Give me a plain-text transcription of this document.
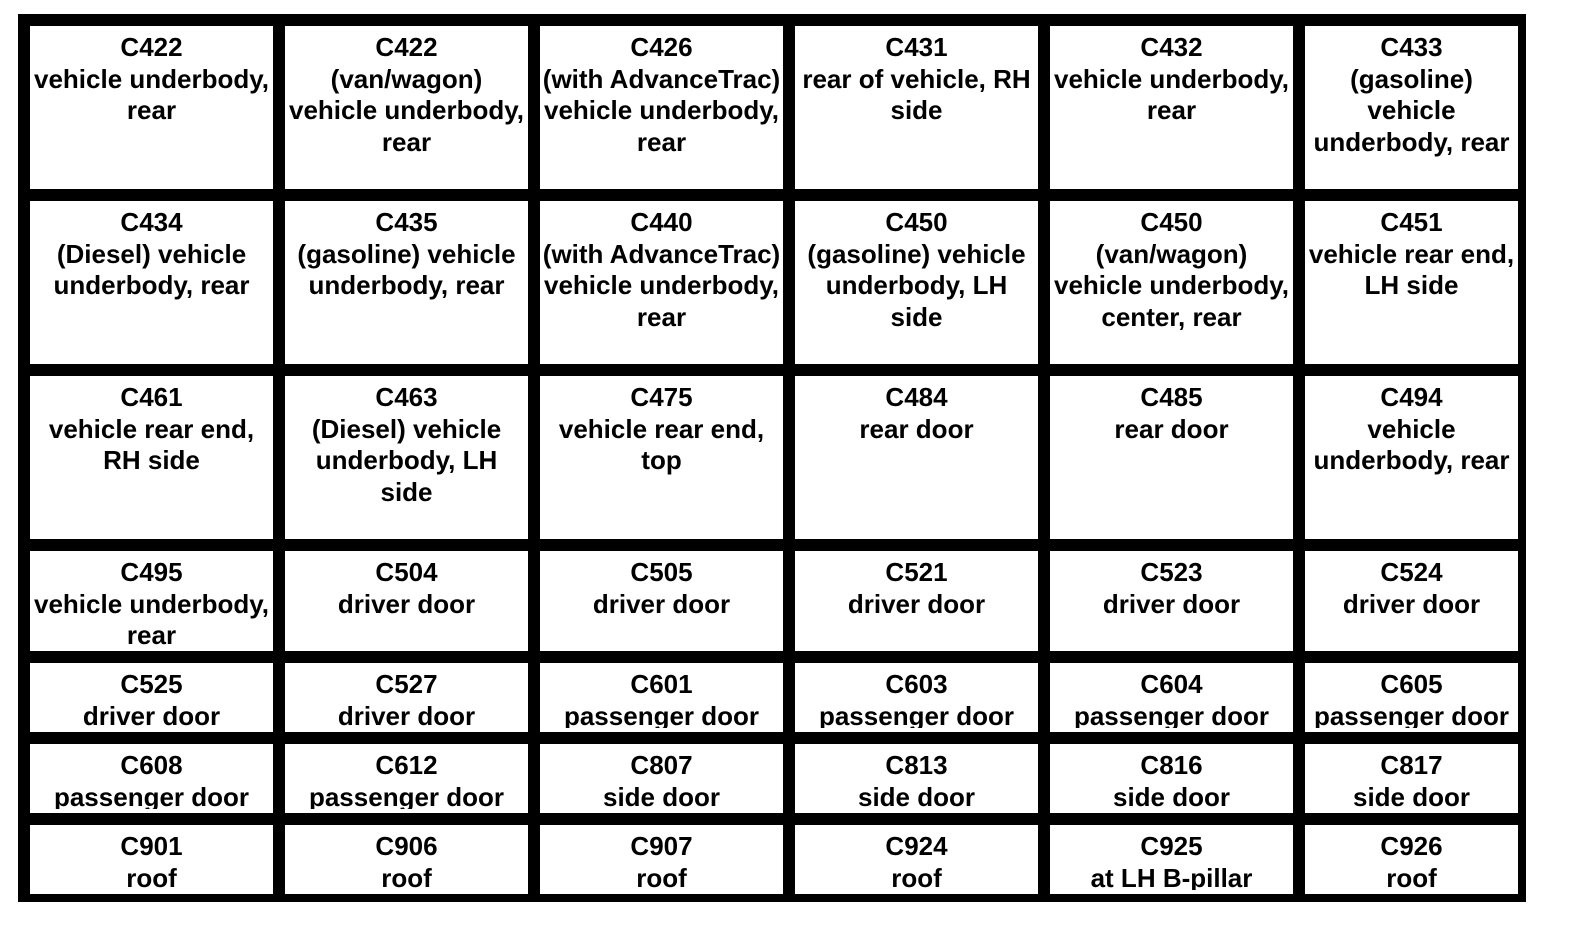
C422
vehicle underbody, rear
C422
(van/wagon) vehicle underbody, rear
C426
(with AdvanceTrac) vehicle underbody, rear
C431
rear of vehicle, RH side
C432
vehicle underbody, rear
C433
(gasoline) vehicle underbody, rear
C434
(Diesel) vehicle underbody, rear
C435
(gasoline) vehicle underbody, rear
C440
(with AdvanceTrac) vehicle underbody, rear
C450
(gasoline) vehicle underbody, LH side
C450
(van/wagon) vehicle underbody, center, rear
C451
vehicle rear end, LH side
C461
vehicle rear end, RH side
C463
(Diesel) vehicle underbody, LH side
C475
vehicle rear end, top
C484
rear door
C485
rear door
C494
vehicle underbody, rear
C495
vehicle underbody, rear
C504
driver door
C505
driver door
C521
driver door
C523
driver door
C524
driver door
C525
driver door
C527
driver door
C601
passenger door
C603
passenger door
C604
passenger door
C605
passenger door
C608
passenger door
C612
passenger door
C807
side door
C813
side door
C816
side door
C817
side door
C901
roof
C906
roof
C907
roof
C924
roof
C925
at LH B-pillar
C926
roof
